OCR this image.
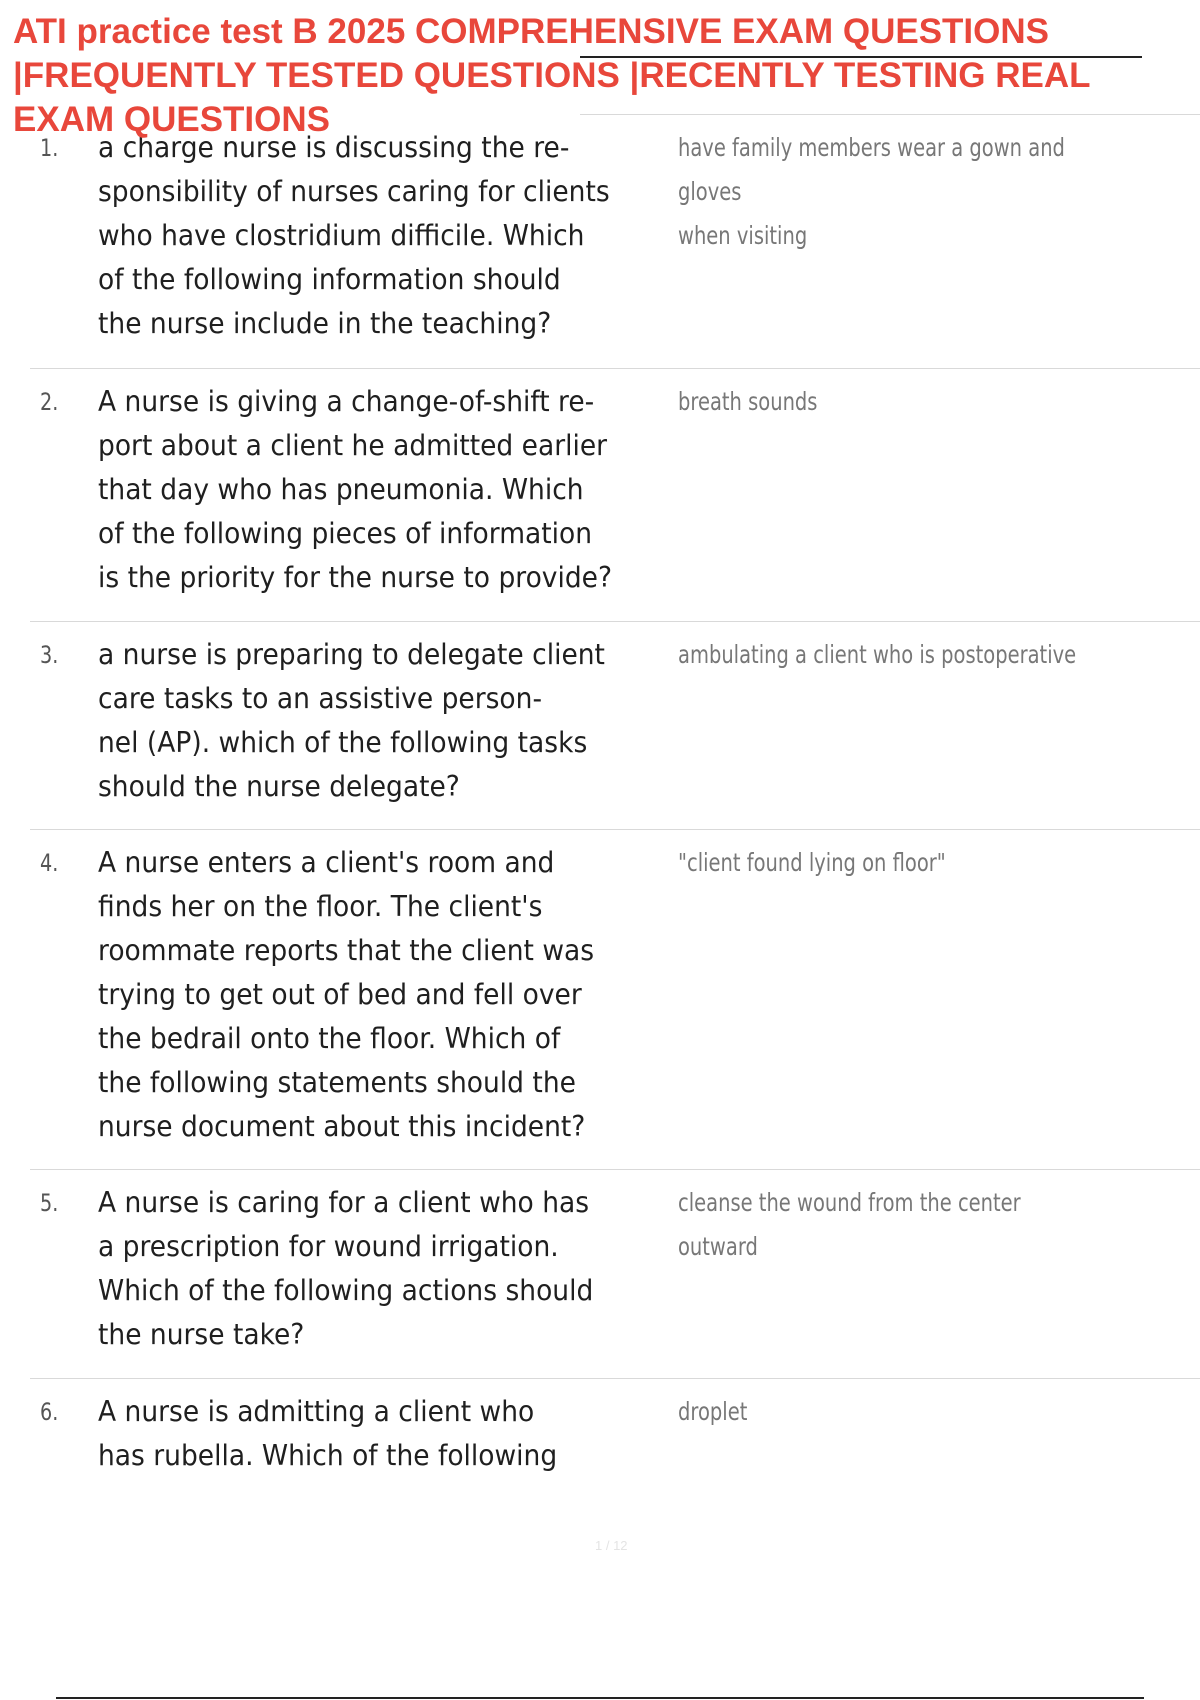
ATI practice test B 2025 COMPREHENSIVE EXAM QUESTIONS |FREQUENTLY TESTED QUESTIONS |RECENTLY TESTING REAL EXAM QUESTIONS
1. a charge nurse is discussing the re-
sponsibility of nurses caring for clients
who have clostridium difficile. Which
of the following information should
the nurse include in the teaching?
have family members wear a gown and gloves
when visiting
2. A nurse is giving a change-of-shift re-
port about a client he admitted earlier
that day who has pneumonia. Which
of the following pieces of information
is the priority for the nurse to provide?
breath sounds
3. a nurse is preparing to delegate client
care tasks to an assistive person-
nel (AP). which of the following tasks
should the nurse delegate?
ambulating a client who is postoperative
4. A nurse enters a client's room and
finds her on the floor. The client's
roommate reports that the client was
trying to get out of bed and fell over
the bedrail onto the floor. Which of
the following statements should the
nurse document about this incident?
"client found lying on floor"
5. A nurse is caring for a client who has
a prescription for wound irrigation.
Which of the following actions should
the nurse take?
cleanse the wound from the center outward
6. A nurse is admitting a client who
has rubella. Which of the following
droplet
1 / 12
